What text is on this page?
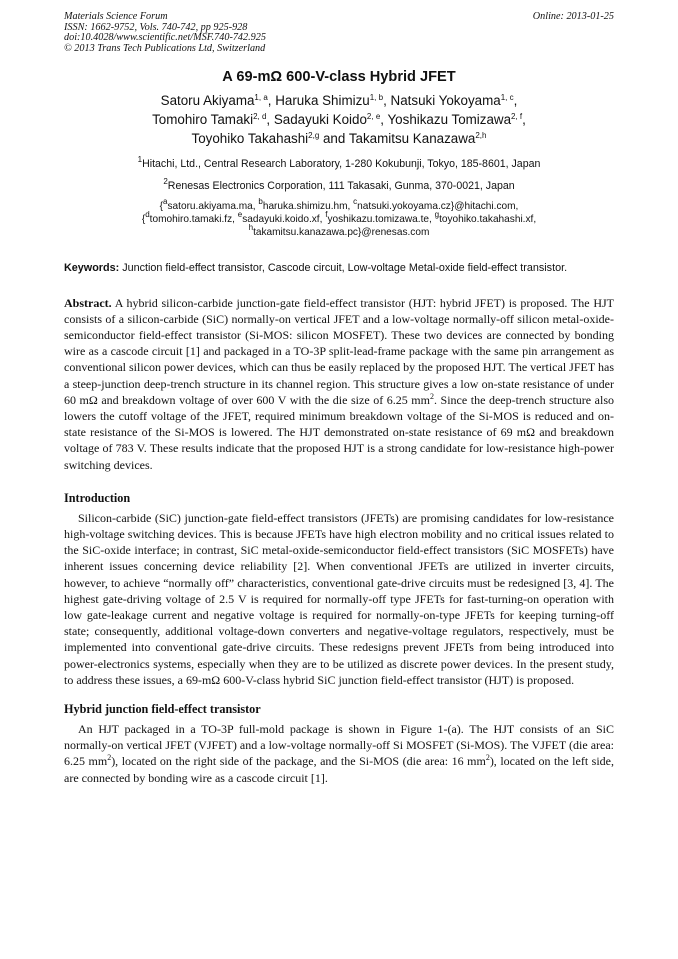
Materials Science Forum
ISSN: 1662-9752, Vols. 740-742, pp 925-928
doi:10.4028/www.scientific.net/MSF.740-742.925
© 2013 Trans Tech Publications Ltd, Switzerland
Online: 2013-01-25
A 69-mΩ 600-V-class Hybrid JFET
Satoru Akiyama$^{1, a}$, Haruka Shimizu$^{1, b}$, Natsuki Yokoyama$^{1, c}$,
Tomohiro Tamaki$^{2, d}$, Sadayuki Koido$^{2, e}$, Yoshikazu Tomizawa$^{2, f}$,
Toyohiko Takahashi$^{2,g}$ and Takamitsu Kanazawa$^{2,h}$
$^1$Hitachi, Ltd., Central Research Laboratory, 1-280 Kokubunji, Tokyo, 185-8601, Japan
$^2$Renesas Electronics Corporation, 111 Takasaki, Gunma, 370-0021, Japan
{$^a$satoru.akiyama.ma, $^b$haruka.shimizu.hm, $^c$natsuki.yokoyama.cz}@hitachi.com,
{$^d$tomohiro.tamaki.fz, $^e$sadayuki.koido.xf, $^f$yoshikazu.tomizawa.te, $^g$toyohiko.takahashi.xf,
$^h$takamitsu.kanazawa.pc}@renesas.com
Keywords: Junction field-effect transistor, Cascode circuit, Low-voltage Metal-oxide field-effect transistor.
Abstract. A hybrid silicon-carbide junction-gate field-effect transistor (HJT: hybrid JFET) is proposed. The HJT consists of a silicon-carbide (SiC) normally-on vertical JFET and a low-voltage normally-off silicon metal-oxide-semiconductor field-effect transistor (Si-MOS: silicon MOSFET). These two devices are connected by bonding wire as a cascode circuit [1] and packaged in a TO-3P split-lead-frame package with the same pin arrangement as conventional silicon power devices, which can thus be easily replaced by the proposed HJT. The vertical JFET has a steep-junction deep-trench structure in its channel region. This structure gives a low on-state resistance of under 60 mΩ and breakdown voltage of over 600 V with the die size of 6.25 $mm^2$. Since the deep-trench structure also lowers the cutoff voltage of the JFET, required minimum breakdown voltage of the Si-MOS is reduced and on-state resistance of the Si-MOS is lowered. The HJT demonstrated on-state resistance of 69 mΩ and breakdown voltage of 783 V. These results indicate that the proposed HJT is a strong candidate for low-resistance high-power switching devices.
Introduction
Silicon-carbide (SiC) junction-gate field-effect transistors (JFETs) are promising candidates for low-resistance high-voltage switching devices. This is because JFETs have high electron mobility and no critical issues related to the SiC-oxide interface; in contrast, SiC metal-oxide-semiconductor field-effect transistors (SiC MOSFETs) have inherent issues concerning device reliability [2]. When conventional JFETs are utilized in inverter circuits, however, to achieve “normally off” characteristics, conventional gate-drive circuits must be redesigned [3, 4]. The highest gate-driving voltage of 2.5 V is required for normally-off type JFETs for fast-turning-on operation with low gate-leakage current and negative voltage is required for normally-on-type JFETs for keeping turning-off state; consequently, additional voltage-down converters and negative-voltage regulators, respectively, must be implemented into conventional gate-drive circuits. These redesigns prevent JFETs from being introduced into power-electronics systems, especially when they are to be utilized as discrete power devices. In the present study, to address these issues, a 69-mΩ 600-V-class hybrid SiC junction field-effect transistor (HJT) is proposed.
Hybrid junction field-effect transistor
An HJT packaged in a TO-3P full-mold package is shown in Figure 1-(a). The HJT consists of an SiC normally-on vertical JFET (VJFET) and a low-voltage normally-off Si MOSFET (Si-MOS). The VJFET (die area: 6.25 $mm^2$), located on the right side of the package, and the Si-MOS (die area: 16 $mm^2$), located on the left side, are connected by bonding wire as a cascode circuit [1].
